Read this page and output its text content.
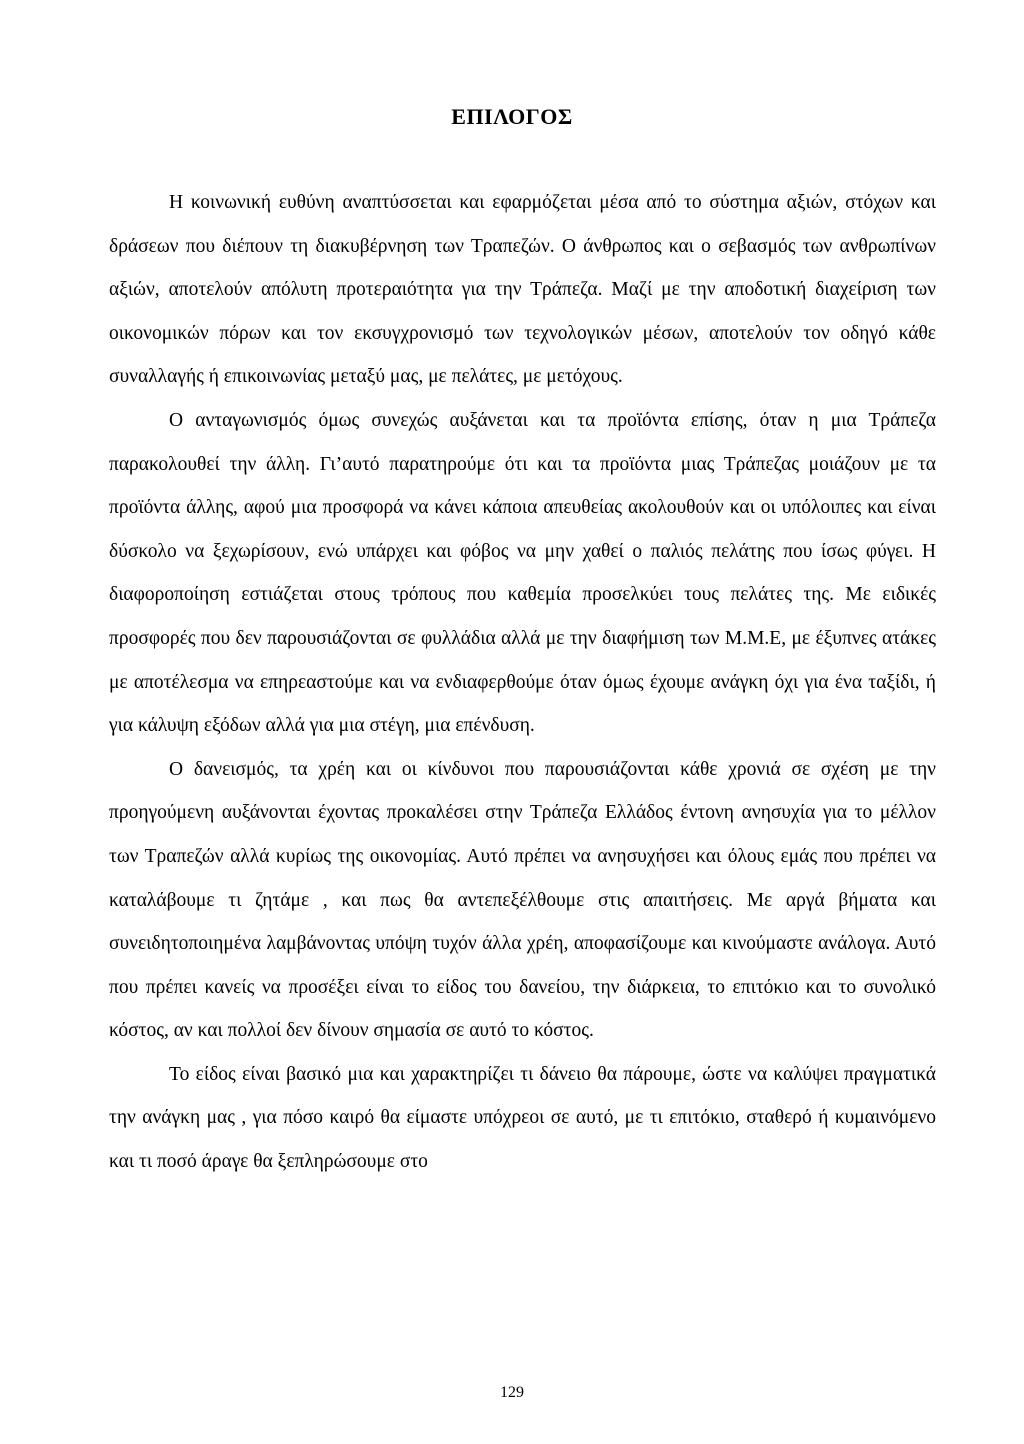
ΕΠΙΛΟΓΟΣ

Η κοινωνική ευθύνη αναπτύσσεται και εφαρμόζεται μέσα από το σύστημα αξιών, στόχων και δράσεων που διέπουν τη διακυβέρνηση των Τραπεζών. Ο άνθρωπος και ο σεβασμός των ανθρωπίνων αξιών, αποτελούν απόλυτη προτεραιότητα για την Τράπεζα. Μαζί με την αποδοτική διαχείριση των οικονομικών πόρων και τον εκσυγχρονισμό των τεχνολογικών μέσων, αποτελούν τον οδηγό κάθε συναλλαγής ή επικοινωνίας μεταξύ μας, με πελάτες, με μετόχους.

Ο ανταγωνισμός όμως συνεχώς αυξάνεται και τα προϊόντα επίσης, όταν η μια Τράπεζα παρακολουθεί την άλλη. Γι’αυτό παρατηρούμε ότι και τα προϊόντα μιας Τράπεζας μοιάζουν με τα προϊόντα άλλης, αφού μια προσφορά να κάνει κάποια απευθείας ακολουθούν και οι υπόλοιπες και είναι δύσκολο να ξεχωρίσουν, ενώ υπάρχει και φόβος να μην χαθεί ο παλιός πελάτης που ίσως φύγει. Η διαφοροποίηση εστιάζεται στους τρόπους που καθεμία προσελκύει τους πελάτες της. Με ειδικές προσφορές που δεν παρουσιάζονται σε φυλλάδια αλλά με την διαφήμιση των Μ.Μ.Ε, με έξυπνες ατάκες με αποτέλεσμα να επηρεαστούμε και να ενδιαφερθούμε όταν όμως έχουμε ανάγκη όχι για ένα ταξίδι, ή για κάλυψη εξόδων αλλά για μια στέγη, μια επένδυση.

Ο δανεισμός, τα χρέη και οι κίνδυνοι που παρουσιάζονται κάθε χρονιά σε σχέση με την προηγούμενη αυξάνονται έχοντας προκαλέσει στην Τράπεζα Ελλάδος έντονη ανησυχία για το μέλλον των Τραπεζών αλλά κυρίως της οικονομίας. Αυτό πρέπει να ανησυχήσει και όλους εμάς που πρέπει να καταλάβουμε τι ζητάμε , και πως θα αντεπεξέλθουμε στις απαιτήσεις. Με αργά βήματα και συνειδητοποιημένα λαμβάνοντας υπόψη τυχόν άλλα χρέη, αποφασίζουμε και κινούμαστε ανάλογα. Αυτό που πρέπει κανείς να προσέξει είναι το είδος του δανείου, την διάρκεια, το επιτόκιο και το συνολικό κόστος, αν και πολλοί δεν δίνουν σημασία σε αυτό το κόστος.

Το είδος είναι βασικό μια και χαρακτηρίζει τι δάνειο θα πάρουμε, ώστε να καλύψει πραγματικά την ανάγκη μας , για πόσο καιρό θα είμαστε υπόχρεοι σε αυτό, με τι επιτόκιο, σταθερό ή κυμαινόμενο και τι ποσό άραγε θα ξεπληρώσουμε στο

129
